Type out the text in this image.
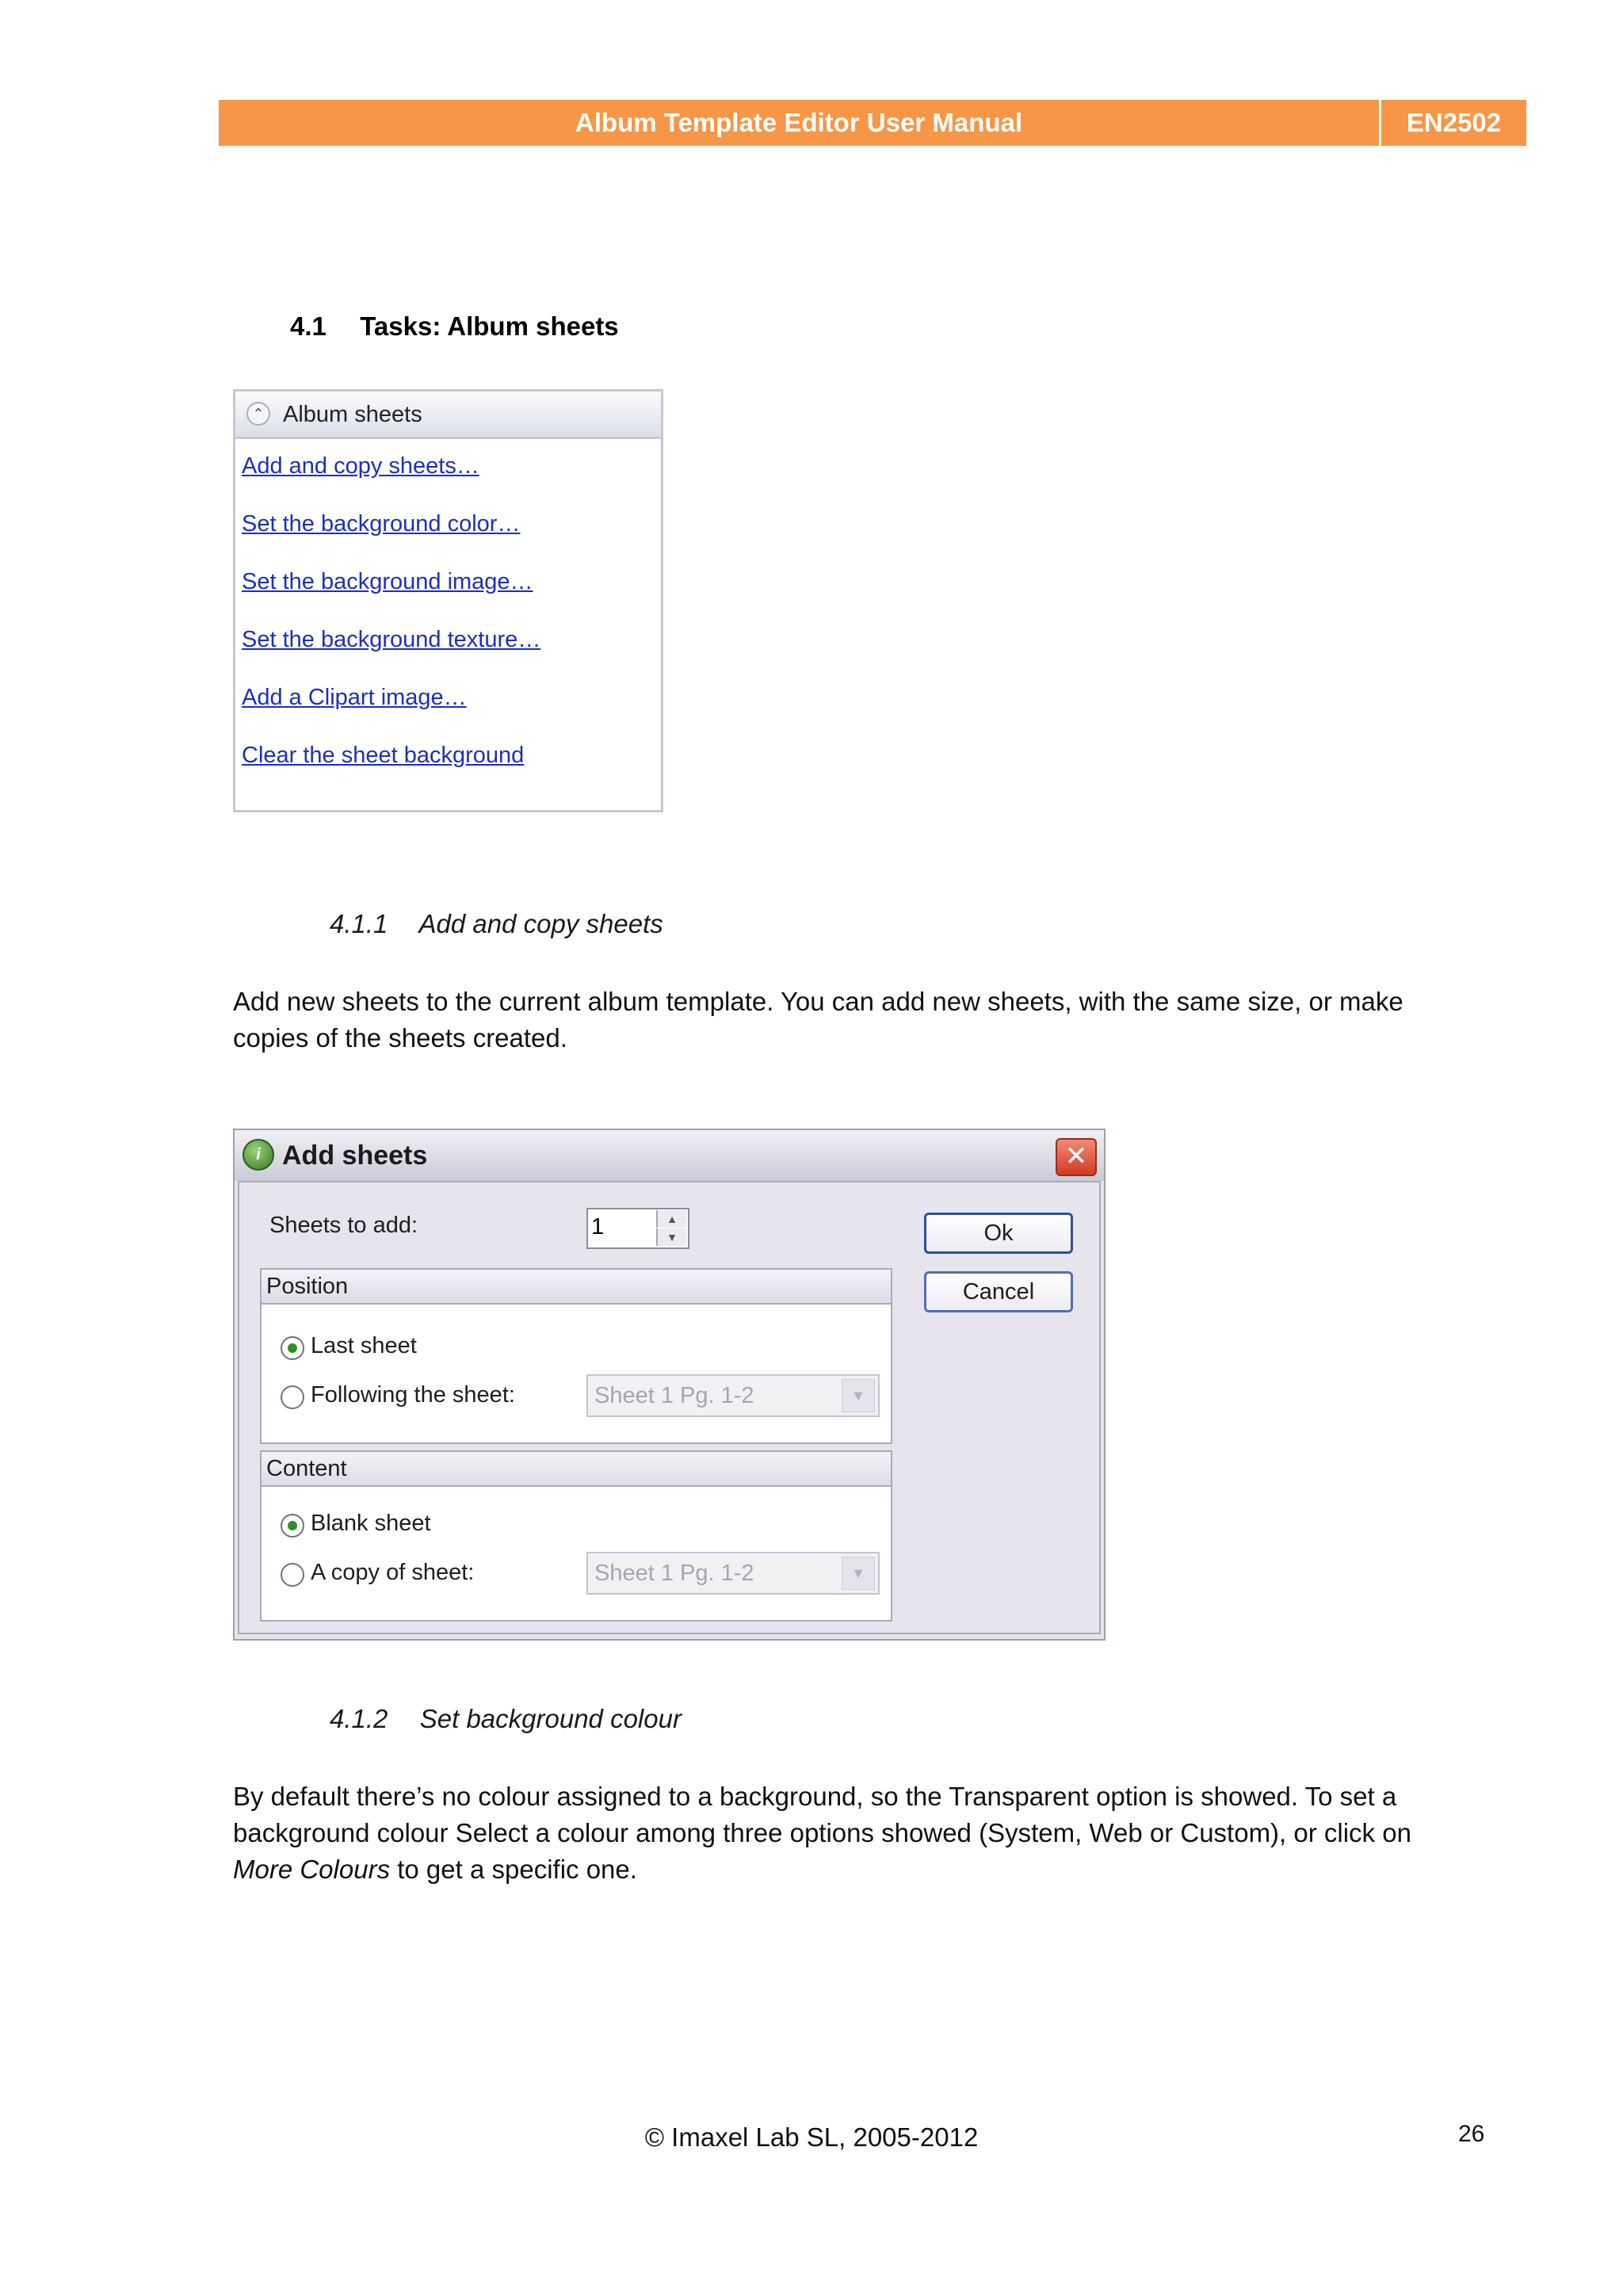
Album Template Editor User Manual	EN2502
4.1 Tasks: Album sheets
⌃ Album sheets
Add and copy sheets…
Set the background color…
Set the background image…
Set the background texture…
Add a Clipart image…
Clear the sheet background
4.1.1 Add and copy sheets
Add new sheets to the current album template. You can add new sheets, with the same size, or make
copies of the sheets created.
i Add sheets	✕
Sheets to add:	1	▲
▼	Ok
Cancel
Position
Last sheet
Following the sheet:	Sheet 1 Pg. 1-2	▼
Content
Blank sheet
A copy of sheet:	Sheet 1 Pg. 1-2	▼
4.1.2 Set background colour
By default there’s no colour assigned to a background, so the Transparent option is showed. To set a
background colour Select a colour among three options showed (System, Web or Custom), or click on
More Colours to get a specific one.
© Imaxel Lab SL, 2005-2012	26
